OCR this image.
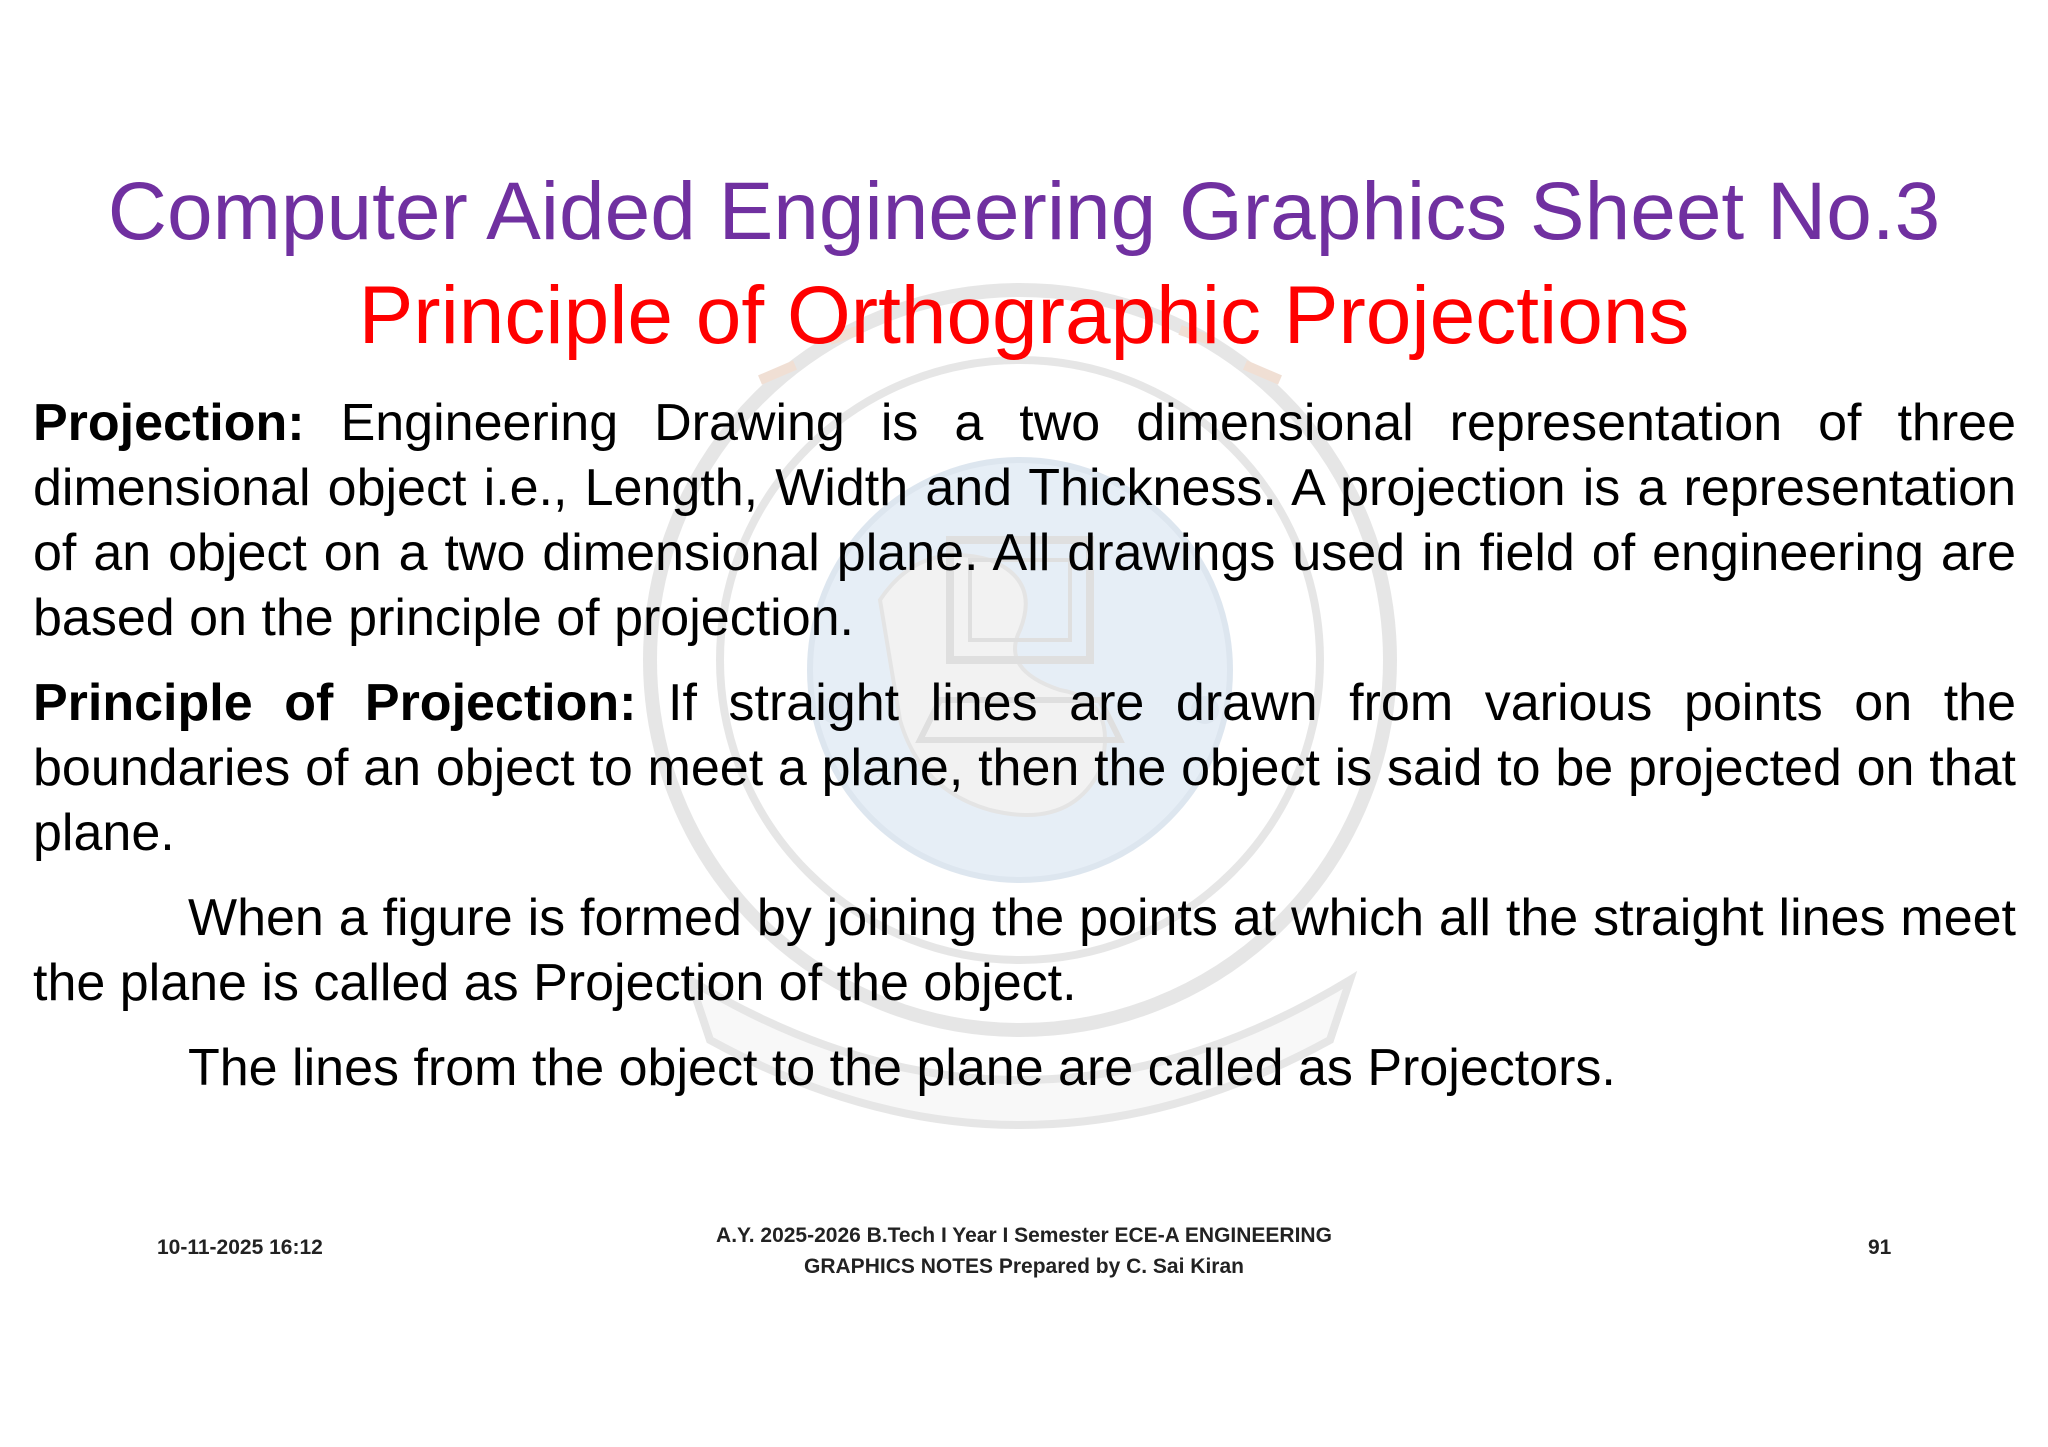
Computer Aided Engineering Graphics Sheet No.3
Principle of Orthographic Projections

Projection: Engineering Drawing is a two dimensional representation of three dimensional object i.e., Length, Width and Thickness. A projection is a representation of an object on a two dimensional plane. All drawings used in field of engineering are based on the principle of projection.

Principle of Projection: If straight lines are drawn from various points on the boundaries of an object to meet a plane, then the object is said to be projected on that plane.

When a figure is formed by joining the points at which all the straight lines meet the plane is called as Projection of the object.

The lines from the object to the plane are called as Projectors.

10-11-2025 16:12
A.Y. 2025-2026 B.Tech I Year I Semester ECE-A ENGINEERING
GRAPHICS NOTES Prepared by C. Sai Kiran
91
